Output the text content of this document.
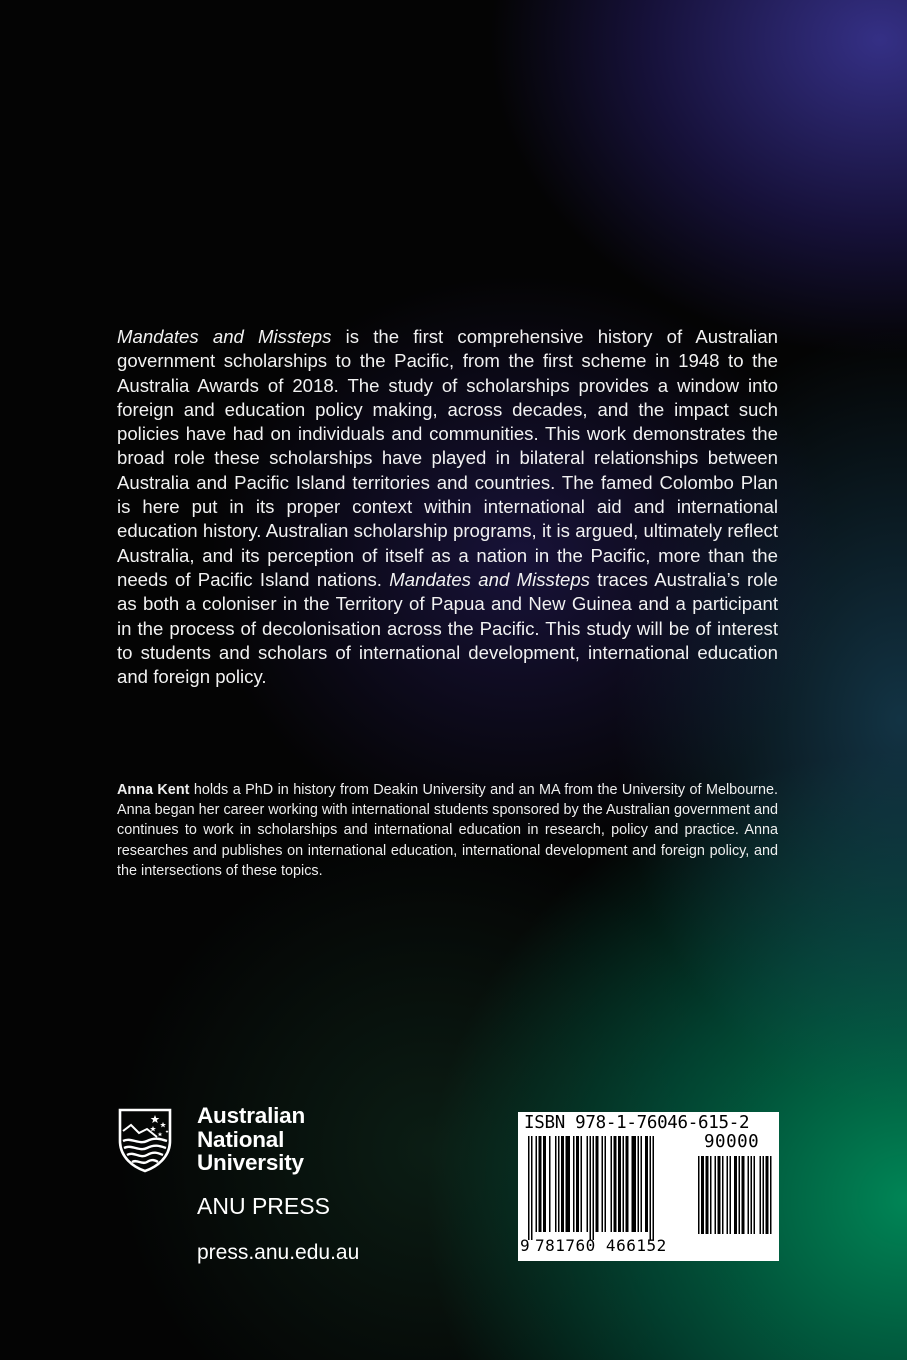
Mandates and Missteps is the first comprehensive history of Australian government scholarships to the Pacific, from the first scheme in 1948 to the Australia Awards of 2018. The study of scholarships provides a window into foreign and education policy making, across decades, and the impact such policies have had on individuals and communities. This work demonstrates the broad role these scholarships have played in bilateral relationships between Australia and Pacific Island territories and countries. The famed Colombo Plan is here put in its proper context within international aid and international education history. Australian scholarship programs, it is argued, ultimately reflect Australia, and its perception of itself as a nation in the Pacific, more than the needs of Pacific Island nations. Mandates and Missteps traces Australia’s role as both a coloniser in the Territory of Papua and New Guinea and a participant in the process of decolonisation across the Pacific. This study will be of interest to students and scholars of international development, international education and foreign policy.

Anna Kent holds a PhD in history from Deakin University and an MA from the University of Melbourne. Anna began her career working with international students sponsored by the Australian government and continues to work in scholarships and international education in research, policy and practice. Anna researches and publishes on international education, international development and foreign policy, and the intersections of these topics.
Australian
National
University
ANU PRESS
press.anu.edu.au
ISBN 978-1-76046-615-2
90000
9 781760 466152
